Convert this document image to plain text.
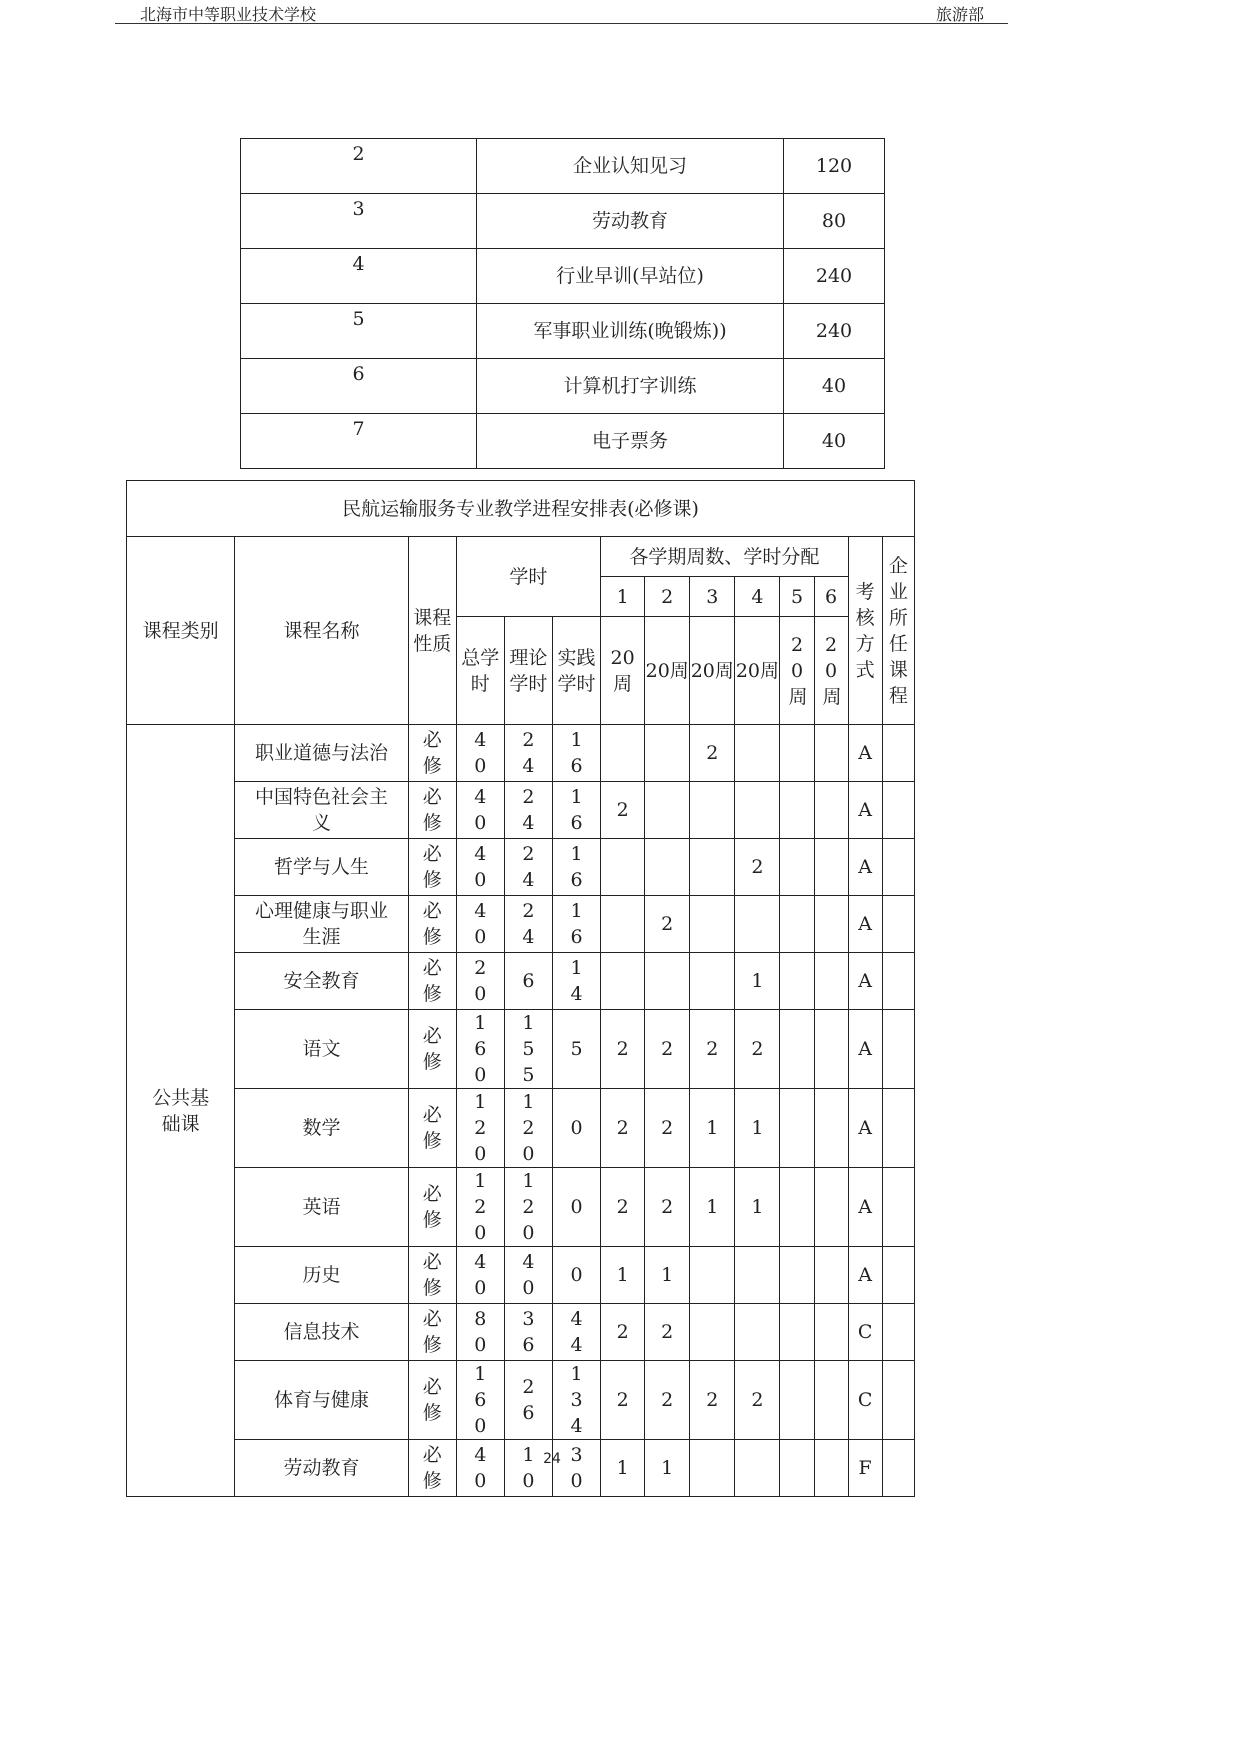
北海市中等职业技术学校	旅游部
2	企业认知见习	120
3	劳动教育	80
4	行业早训(早站位)	240
5	军事职业训练(晚锻炼))	240
6	计算机打字训练	40
7	电子票务	40
民航运输服务专业教学进程安排表(必修课)													
课程类别	课程名称	课程性质	学时			各学期周数、学时分配						考核方式	企业所任课程
						1	2	3	4	5	6		
			总学时	理论学时	实践学时	20周	20周	20周	20周	20周	20周		
公共基础课	职业道德与法治	必修	40	24	16			2				A	
	中国特色社会主义	必修	40	24	16	2						A	
	哲学与人生	必修	40	24	16				2			A	
	心理健康与职业生涯	必修	40	24	16		2					A	
	安全教育	必修	20	6	14				1			A	
	语文	必修	160	155	5	2	2	2	2			A	
	数学	必修	120	120	0	2	2	1	1			A	
	英语	必修	120	120	0	2	2	1	1			A	
	历史	必修	40	40	0	1	1					A	
	信息技术	必修	80	36	44	2	2					C	
	体育与健康	必修	160	26	134	2	2	2	2			C	
	劳动教育	必修	40	10	30	1	1					F	
24
